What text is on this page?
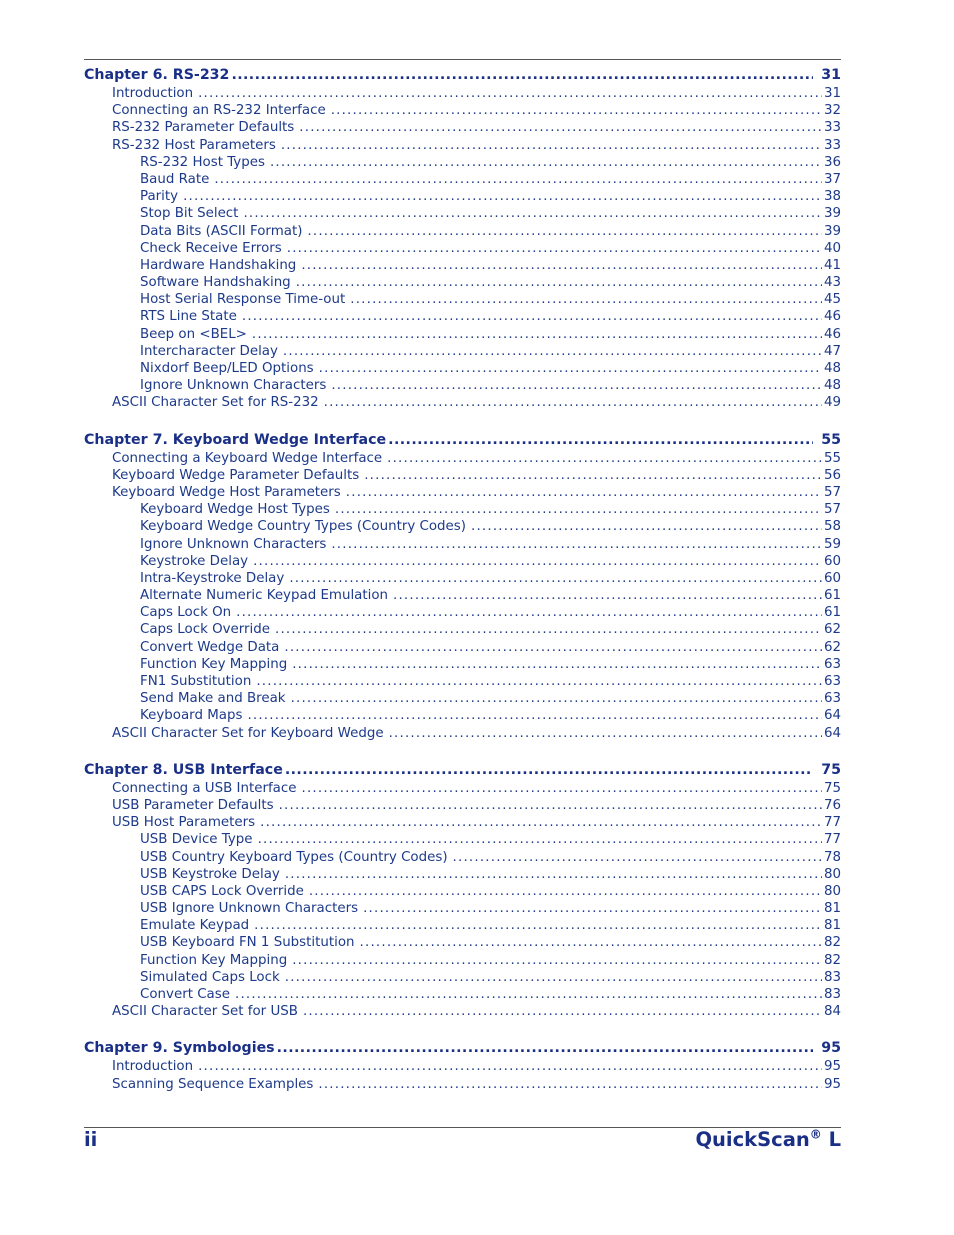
Chapter 6. RS-232 .....	31
Introduction .....	31
Connecting an RS-232 Interface .....	32
RS-232 Parameter Defaults .....	33
RS-232 Host Parameters .....	33
RS-232 Host Types .....	36
Baud Rate .....	37
Parity .....	38
Stop Bit Select .....	39
Data Bits (ASCII Format) .....	39
Check Receive Errors .....	40
Hardware Handshaking .....	41
Software Handshaking .....	43
Host Serial Response Time-out .....	45
RTS Line State .....	46
Beep on <BEL> .....	46
Intercharacter Delay .....	47
Nixdorf Beep/LED Options .....	48
Ignore Unknown Characters .....	48
ASCII Character Set for RS-232 .....	49
Chapter 7. Keyboard Wedge Interface .....	55
Connecting a Keyboard Wedge Interface .....	55
Keyboard Wedge Parameter Defaults .....	56
Keyboard Wedge Host Parameters .....	57
Keyboard Wedge Host Types .....	57
Keyboard Wedge Country Types (Country Codes) .....	58
Ignore Unknown Characters .....	59
Keystroke Delay .....	60
Intra-Keystroke Delay .....	60
Alternate Numeric Keypad Emulation .....	61
Caps Lock On .....	61
Caps Lock Override .....	62
Convert Wedge Data .....	62
Function Key Mapping .....	63
FN1 Substitution .....	63
Send Make and Break .....	63
Keyboard Maps .....	64
ASCII Character Set for Keyboard Wedge .....	64
Chapter 8. USB Interface .....	75
Connecting a USB Interface .....	75
USB Parameter Defaults .....	76
USB Host Parameters .....	77
USB Device Type .....	77
USB Country Keyboard Types (Country Codes) .....	78
USB Keystroke Delay .....	80
USB CAPS Lock Override .....	80
USB Ignore Unknown Characters .....	81
Emulate Keypad .....	81
USB Keyboard FN 1 Substitution .....	82
Function Key Mapping .....	82
Simulated Caps Lock .....	83
Convert Case .....	83
ASCII Character Set for USB .....	84
Chapter 9. Symbologies .....	95
Introduction .....	95
Scanning Sequence Examples .....	95
ii	QuickScan® L
